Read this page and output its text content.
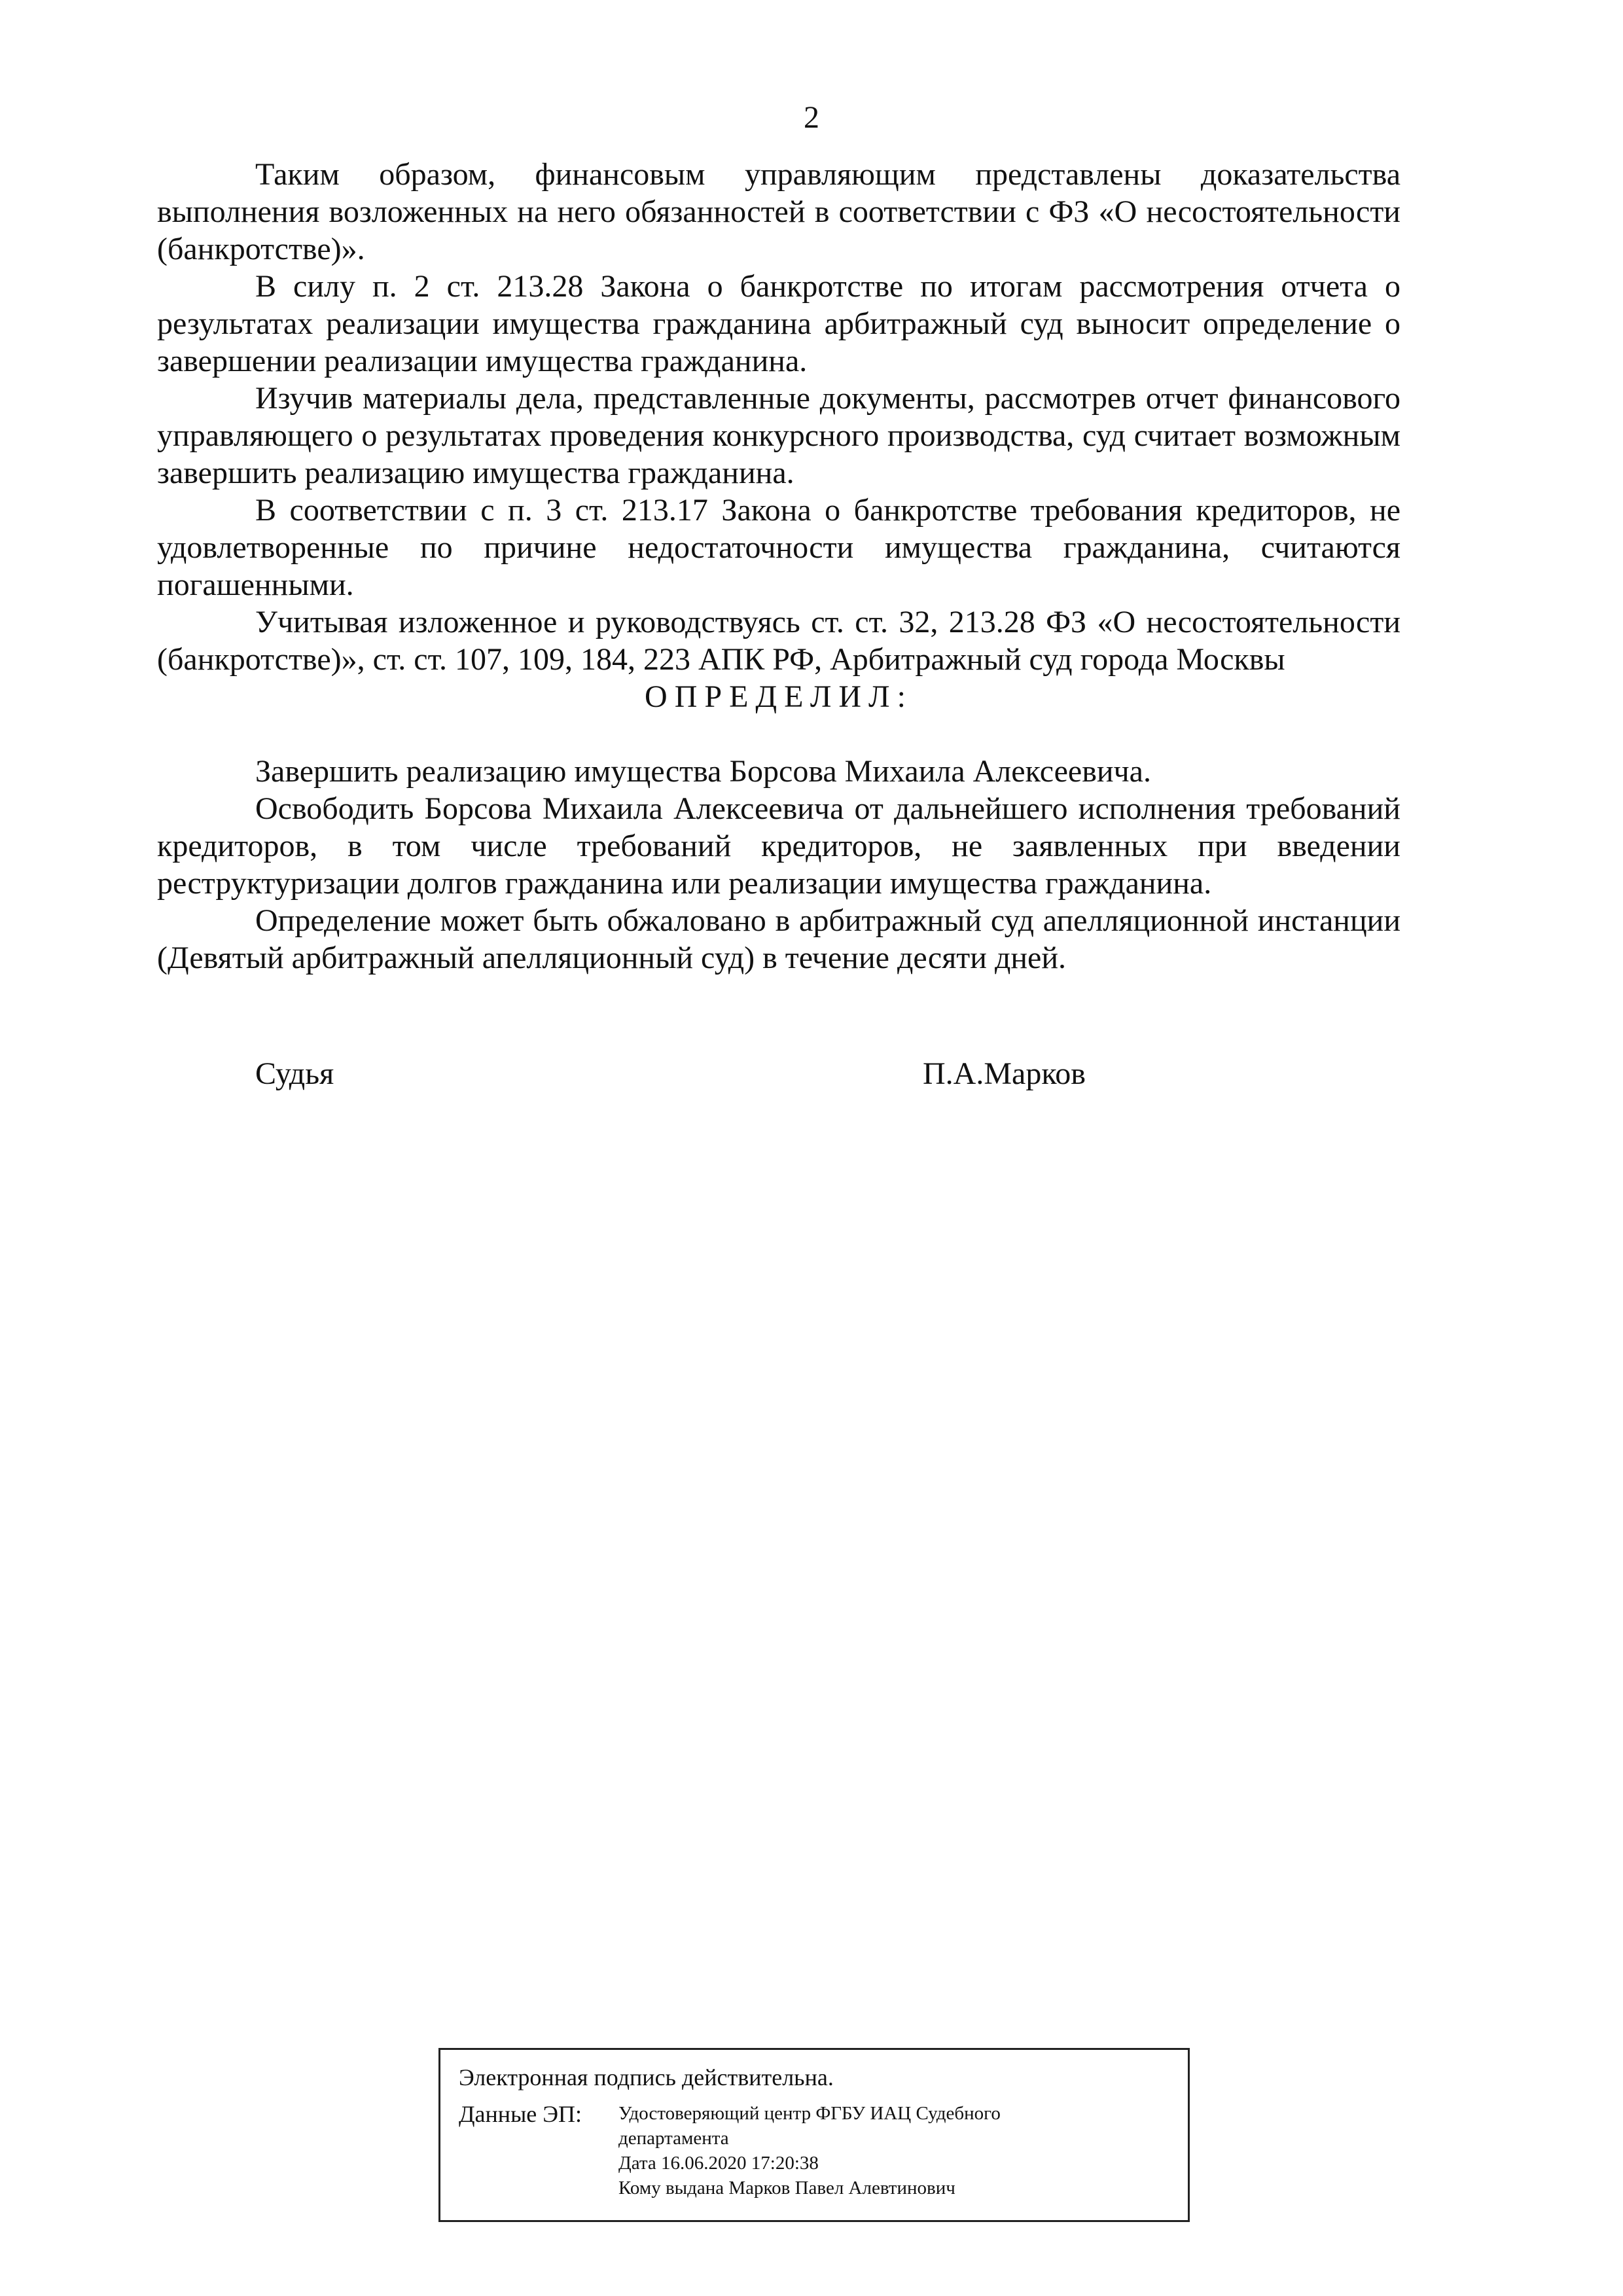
2

Таким образом, финансовым управляющим представлены доказательства выполнения возложенных на него обязанностей в соответствии с ФЗ «О несостоятельности (банкротстве)».

В силу п. 2 ст. 213.28 Закона о банкротстве по итогам рассмотрения отчета о результатах реализации имущества гражданина арбитражный суд выносит определение о завершении реализации имущества гражданина.

Изучив материалы дела, представленные документы, рассмотрев отчет финансового управляющего о результатах проведения конкурсного производства, суд считает возможным завершить реализацию имущества гражданина.

В соответствии с п. 3 ст. 213.17 Закона о банкротстве требования кредиторов, не удовлетворенные по причине недостаточности имущества гражданина, считаются погашенными.

Учитывая изложенное и руководствуясь ст. ст. 32, 213.28 ФЗ «О несостоятельности (банкротстве)», ст. ст. 107, 109, 184, 223 АПК РФ, Арбитражный суд города Москвы

ОПРЕДЕЛИЛ:

Завершить реализацию имущества Борсова Михаила Алексеевича.

Освободить Борсова Михаила Алексеевича от дальнейшего исполнения требований кредиторов, в том числе требований кредиторов, не заявленных при введении реструктуризации долгов гражданина или реализации имущества гражданина.

Определение может быть обжаловано в арбитражный суд апелляционной инстанции (Девятый арбитражный апелляционный суд) в течение десяти дней.

Судья	П.А.Марков
Электронная подпись действительна.
Данные ЭП: Удостоверяющий центр ФГБУ ИАЦ Судебного
департамента
Дата 16.06.2020 17:20:38
Кому выдана Марков Павел Алевтинович
